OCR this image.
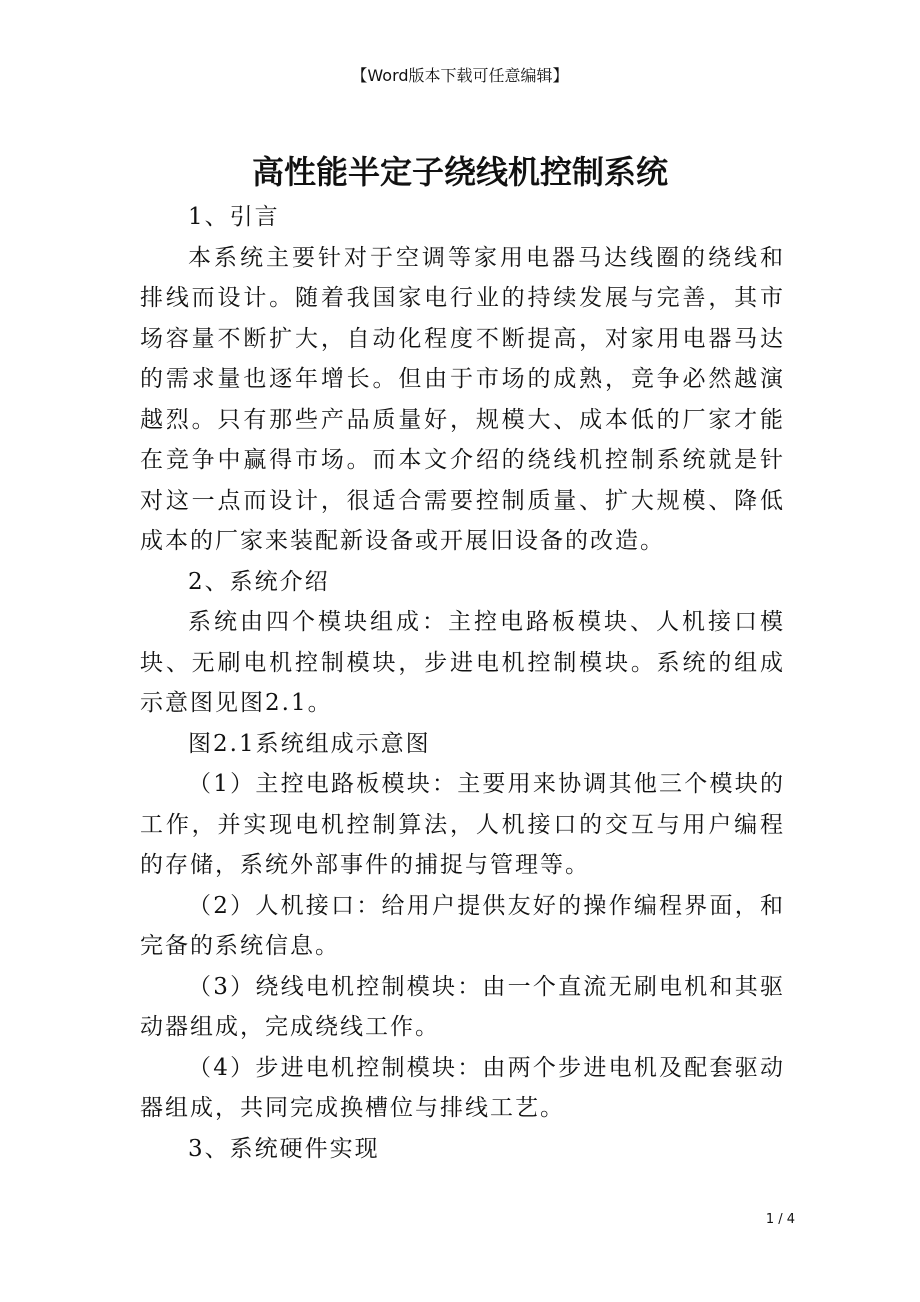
【Word版本下载可任意编辑】
高性能半定子绕线机控制系统

1、引言

本系统主要针对于空调等家用电器马达线圈的绕线和排线而设计。随着我国家电行业的持续发展与完善，其市场容量不断扩大，自动化程度不断提高，对家用电器马达的需求量也逐年增长。但由于市场的成熟，竞争必然越演越烈。只有那些产品质量好，规模大、成本低的厂家才能在竞争中赢得市场。而本文介绍的绕线机控制系统就是针对这一点而设计，很适合需要控制质量、扩大规模、降低成本的厂家来装配新设备或开展旧设备的改造。

2、系统介绍

系统由四个模块组成：主控电路板模块、人机接口模块、无刷电机控制模块，步进电机控制模块。系统的组成示意图见图2.1。

图2.1系统组成示意图

（1）主控电路板模块：主要用来协调其他三个模块的工作，并实现电机控制算法，人机接口的交互与用户编程的存储，系统外部事件的捕捉与管理等。

（2）人机接口：给用户提供友好的操作编程界面，和完备的系统信息。

（3）绕线电机控制模块：由一个直流无刷电机和其驱动器组成，完成绕线工作。

（4）步进电机控制模块：由两个步进电机及配套驱动器组成，共同完成换槽位与排线工艺。

3、系统硬件实现

1 / 4
